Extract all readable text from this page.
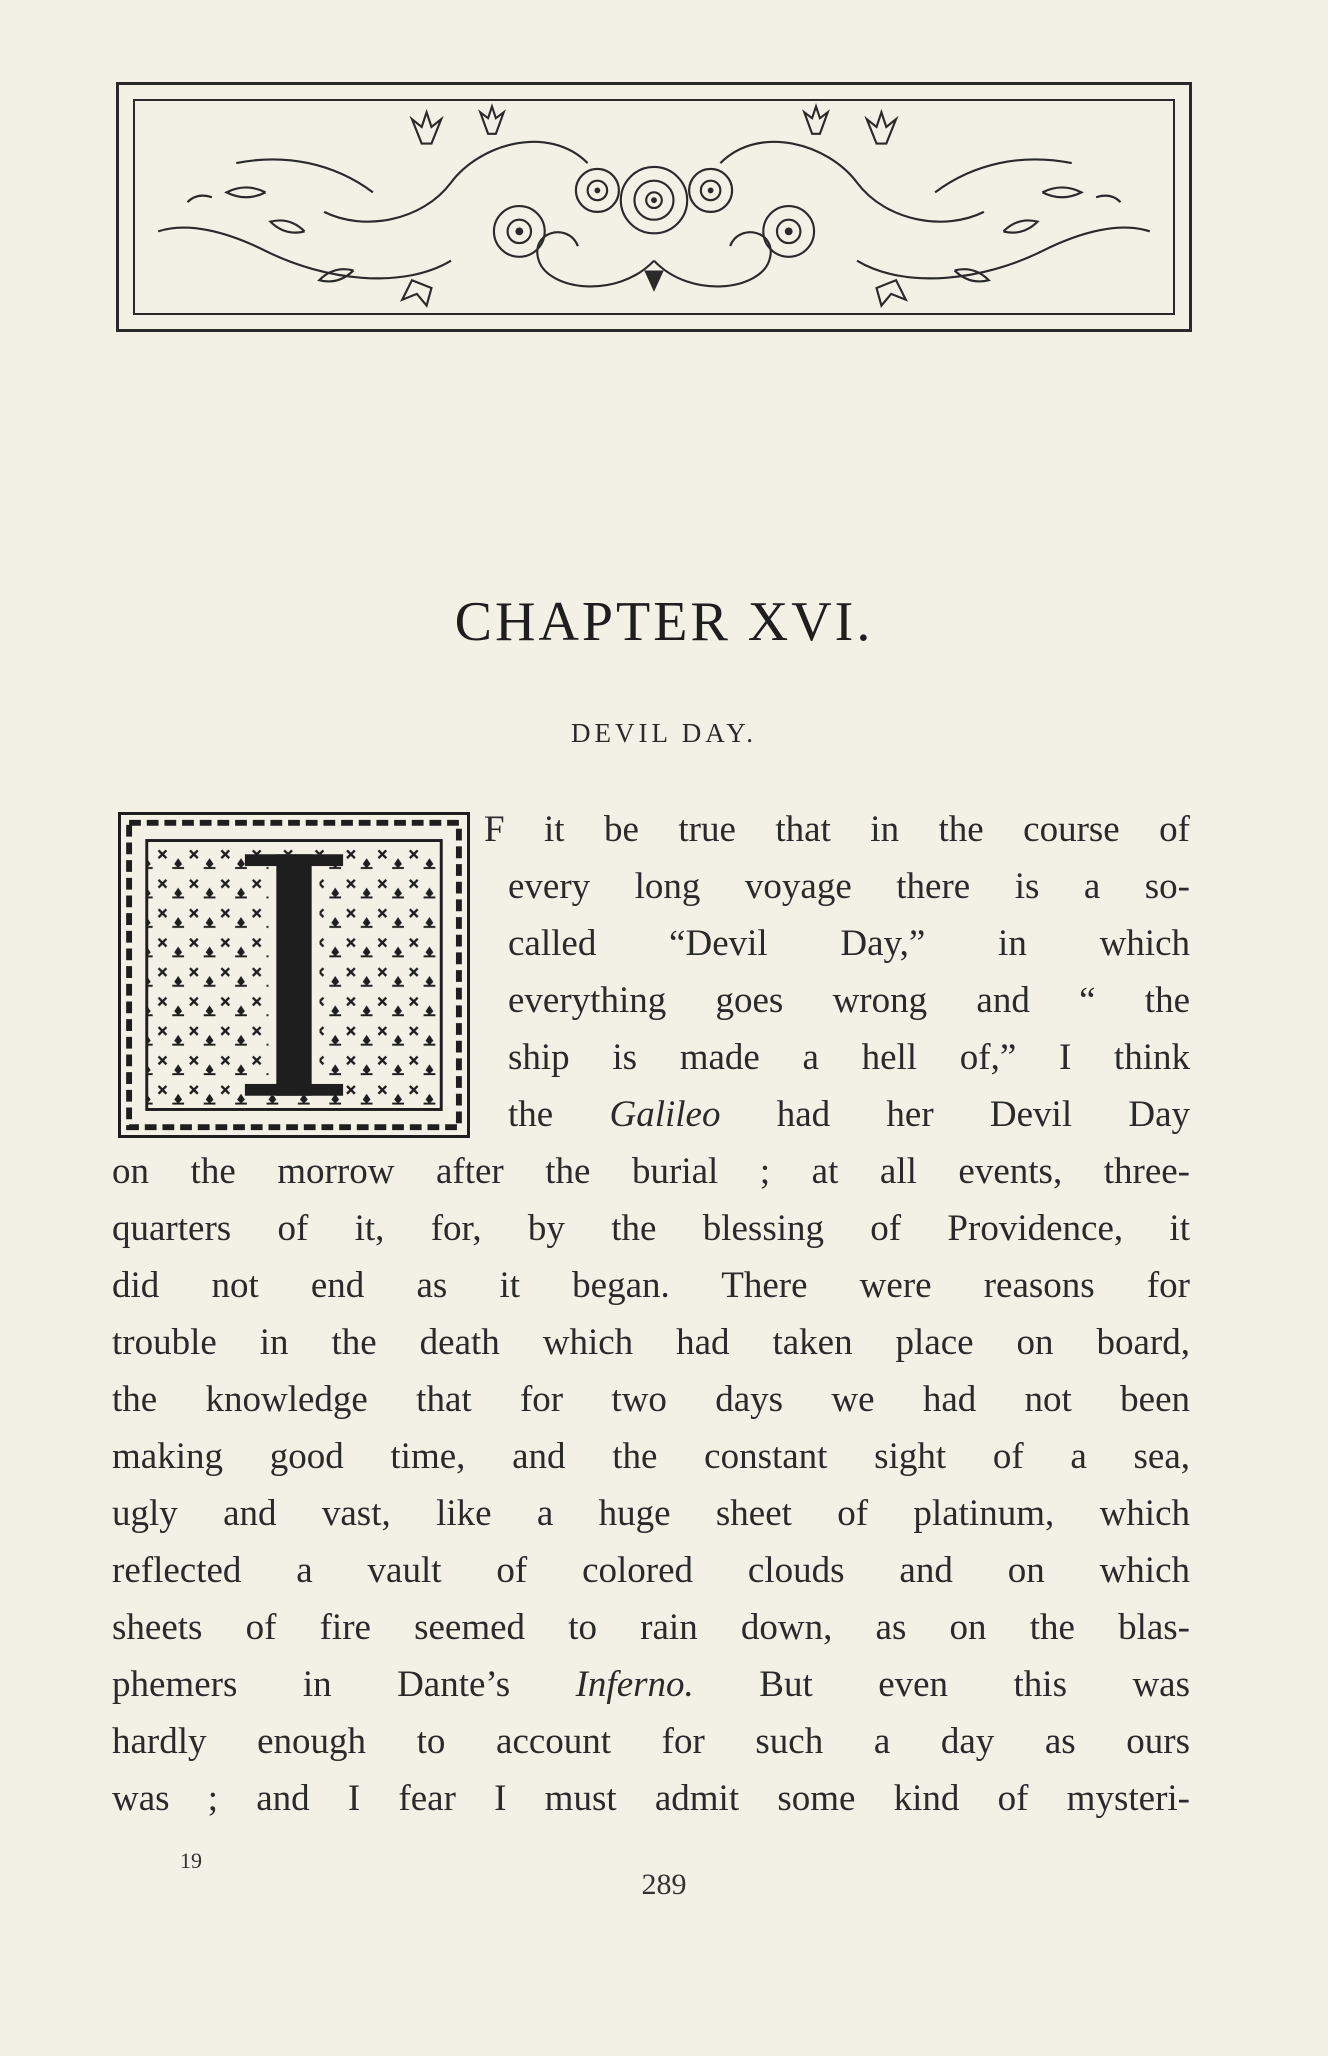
CHAPTER XVI.
DEVIL DAY.
F it be true that in the course of
every long voyage there is a so-
called “Devil Day,” in which
everything goes wrong and “ the
ship is made a hell of,” I think
the Galileo had her Devil Day
on the morrow after the burial ; at all events, three-
quarters of it, for, by the blessing of Providence, it
did not end as it began. There were reasons for
trouble in the death which had taken place on board,
the knowledge that for two days we had not been
making good time, and the constant sight of a sea,
ugly and vast, like a huge sheet of platinum, which
reflected a vault of colored clouds and on which
sheets of fire seemed to rain down, as on the blas-
phemers in Dante’s Inferno. But even this was
hardly enough to account for such a day as ours
was ; and I fear I must admit some kind of mysteri-
19
289
